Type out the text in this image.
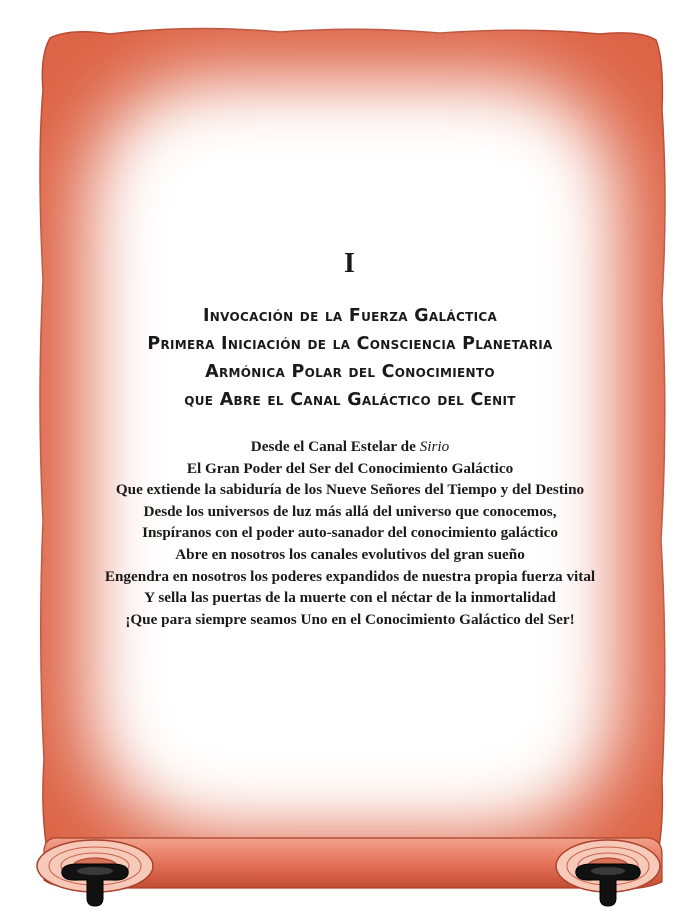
I
Invocación de la Fuerza Galáctica
Primera Iniciación de la Consciencia Planetaria
Armónica Polar del Conocimiento
que Abre el Canal Galáctico del Cenit
Desde el Canal Estelar de Sirio
El Gran Poder del Ser del Conocimiento Galáctico
Que extiende la sabiduría de los Nueve Señores del Tiempo y del Destino
Desde los universos de luz más allá del universo que conocemos,
Inspíranos con el poder auto-sanador del conocimiento galáctico
Abre en nosotros los canales evolutivos del gran sueño
Engendra en nosotros los poderes expandidos de nuestra propia fuerza vital
Y sella las puertas de la muerte con el néctar de la inmortalidad
¡Que para siempre seamos Uno en el Conocimiento Galáctico del Ser!
